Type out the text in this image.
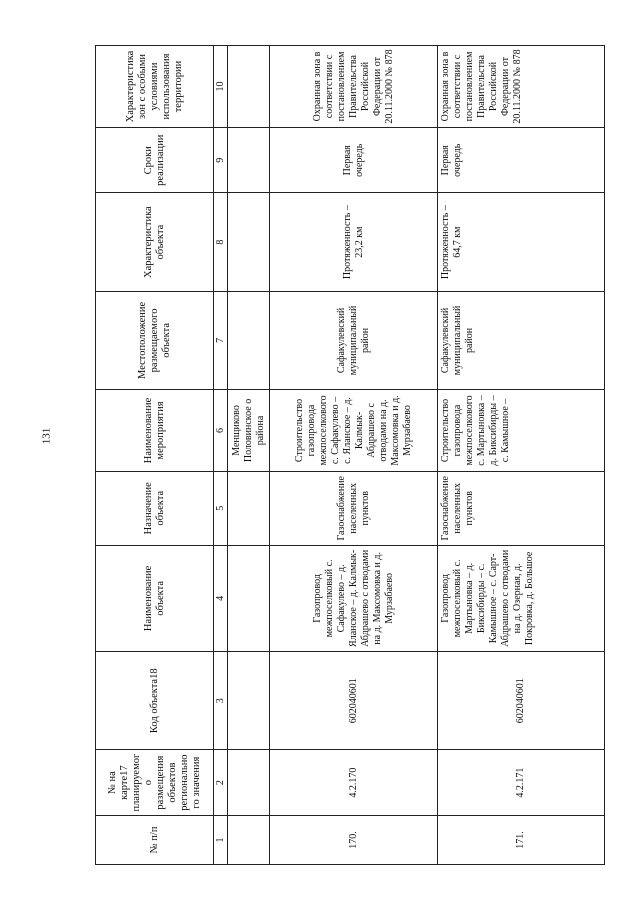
131
№ п/п	№ на карте17 планируемого размещения объектов регионального значения	Код объекта18	Наименование объекта	Назначение объекта	Наименование мероприятия	Местоположение размещаемого объекта	Характеристика объекта	Сроки реализации	Характеристика зон с особыми условиями использования территории
1	2	3	4	5	6	7	8	9	10
					Менщиково Половинское о района				
170.	4.2.170	602040601	Газопровод межпоселковый с. Сафакулево – д. Яланское – д. Калмык-Абдрашево с отводами на д. Максомовка и д. Мурзабаево	Газоснабжение населенных пунктов	Строительство газопровода межпоселкового с. Сафакулево – с. Яланское – д. Калмык-Абдрашево с отводами на д. Максомовка и д. Мурзабаево	Сафакулевский муниципальный район	Протяженность – 23,2 км	Первая очередь	Охранная зона в соответствии с постановлением Правительства Российской Федерации от 20.11.2000 № 878
171.	4.2.171	602040601	Газопровод межпоселковый с. Мартыновка – д. Биксибирды – с. Камышное – с. Сарт-Абдрашево с отводами на д. Озерная, д. Покровка, д. Большое	Газоснабжение населенных пунктов	Строительство газопровода межпоселкового с. Мартыновка – д. Биксибирды – с. Камышное –	Сафакулевский муниципальный район	Протяженность – 64,7 км	Первая очередь	Охранная зона в соответствии с постановлением Правительства Российской Федерации от 20.11.2000 № 878
